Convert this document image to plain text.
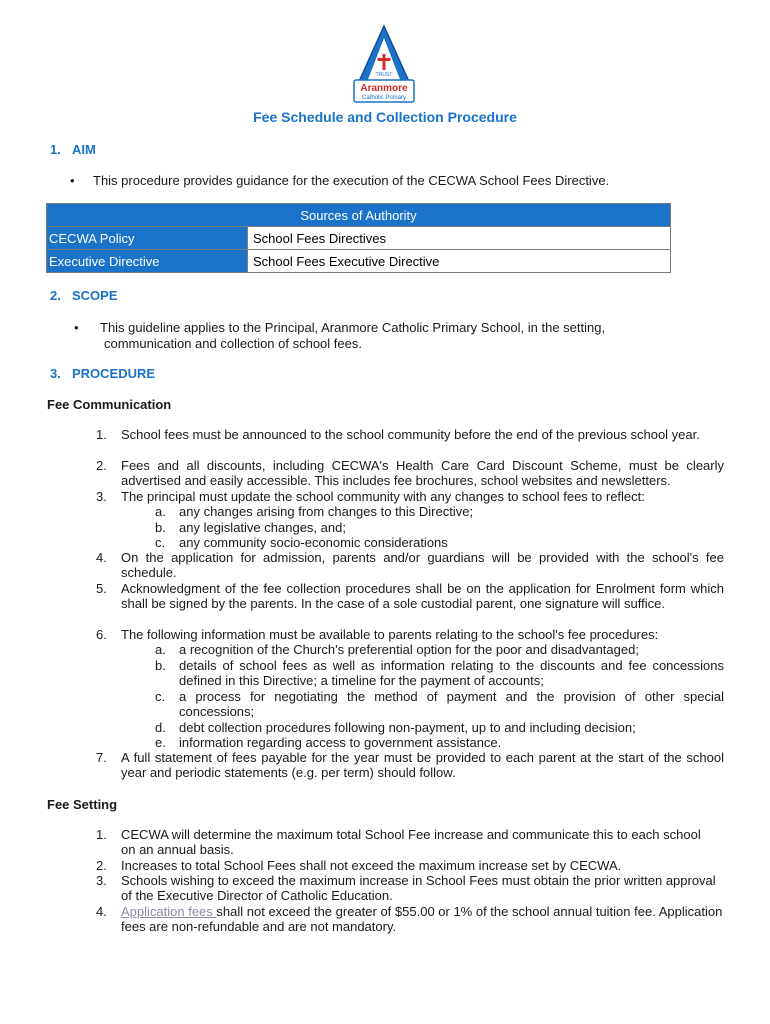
TRUST
Aranmore
Catholic Primary
Fee Schedule and Collection Procedure
1. AIM
• This procedure provides guidance for the execution of the CECWA School Fees Directive.
Sources of Authority	
CECWA Policy	School Fees Directives
Executive Directive	School Fees Executive Directive
2. SCOPE
• This guideline applies to the Principal, Aranmore Catholic Primary School, in the setting,
communication and collection of school fees.
3. PROCEDURE
Fee Communication
1. School fees must be announced to the school community before the end of the previous school year.
2. Fees and all discounts, including CECWA's Health Care Card Discount Scheme, must be clearly advertised and easily accessible. This includes fee brochures, school websites and newsletters.
3. The principal must update the school community with any changes to school fees to reflect:
a. any changes arising from changes to this Directive;
b. any legislative changes, and;
c. any community socio-economic considerations
4. On the application for admission, parents and/or guardians will be provided with the school's fee schedule.
5. Acknowledgment of the fee collection procedures shall be on the application for Enrolment form which shall be signed by the parents. In the case of a sole custodial parent, one signature will suffice.
6. The following information must be available to parents relating to the school's fee procedures:
a. a recognition of the Church's preferential option for the poor and disadvantaged;
b. details of school fees as well as information relating to the discounts and fee concessions defined in this Directive; a timeline for the payment of accounts;
c. a process for negotiating the method of payment and the provision of other special concessions;
d. debt collection procedures following non-payment, up to and including decision;
e. information regarding access to government assistance.
7. A full statement of fees payable for the year must be provided to each parent at the start of the school year and periodic statements (e.g. per term) should follow.
Fee Setting
1. CECWA will determine the maximum total School Fee increase and communicate this to each school on an annual basis.
2. Increases to total School Fees shall not exceed the maximum increase set by CECWA.
3. Schools wishing to exceed the maximum increase in School Fees must obtain the prior written approval of the Executive Director of Catholic Education.
4. Application fees shall not exceed the greater of $55.00 or 1% of the school annual tuition fee. Application fees are non-refundable and are not mandatory.
